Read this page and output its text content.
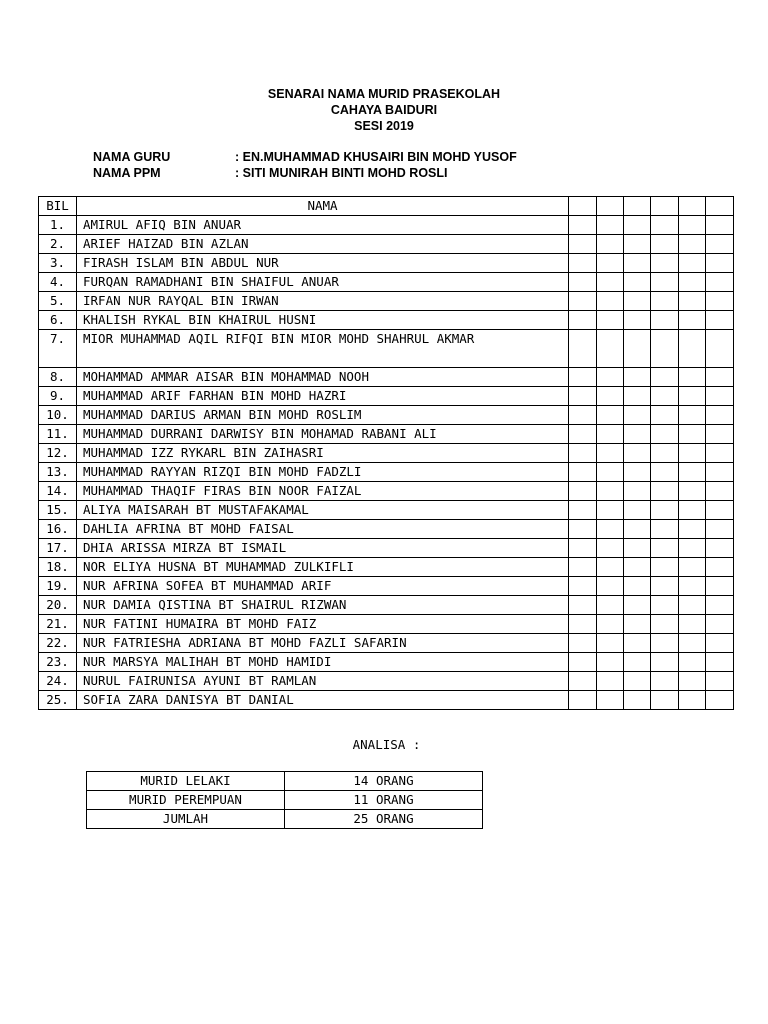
SENARAI NAMA MURID PRASEKOLAH
CAHAYA BAIDURI
SESI 2019
NAMA GURU	: EN.MUHAMMAD KHUSAIRI BIN MOHD YUSOF
NAMA PPM	: SITI MUNIRAH BINTI MOHD ROSLI
BIL	NAMA						
1.	AMIRUL AFIQ BIN ANUAR						
2.	ARIEF HAIZAD BIN AZLAN						
3.	FIRASH ISLAM BIN ABDUL NUR						
4.	FURQAN RAMADHANI BIN SHAIFUL ANUAR						
5.	IRFAN NUR RAYQAL BIN IRWAN						
6.	KHALISH RYKAL BIN KHAIRUL HUSNI						
7.	MIOR MUHAMMAD AQIL RIFQI BIN MIOR MOHD SHAHRUL AKMAR						
8.	MOHAMMAD AMMAR AISAR BIN MOHAMMAD NOOH						
9.	MUHAMMAD ARIF FARHAN BIN MOHD HAZRI						
10.	MUHAMMAD DARIUS ARMAN BIN MOHD ROSLIM						
11.	MUHAMMAD DURRANI DARWISY BIN MOHAMAD RABANI ALI						
12.	MUHAMMAD IZZ RYKARL BIN ZAIHASRI						
13.	MUHAMMAD RAYYAN RIZQI BIN MOHD FADZLI						
14.	MUHAMMAD THAQIF FIRAS BIN NOOR FAIZAL						
15.	ALIYA MAISARAH BT MUSTAFAKAMAL						
16.	DAHLIA AFRINA BT MOHD FAISAL						
17.	DHIA ARISSA MIRZA BT ISMAIL						
18.	NOR ELIYA HUSNA BT MUHAMMAD ZULKIFLI						
19.	NUR AFRINA SOFEA BT MUHAMMAD ARIF						
20.	NUR DAMIA QISTINA BT SHAIRUL RIZWAN						
21.	NUR FATINI HUMAIRA BT MOHD FAIZ						
22.	NUR FATRIESHA ADRIANA BT MOHD FAZLI SAFARIN						
23.	NUR MARSYA MALIHAH BT MOHD HAMIDI						
24.	NURUL FAIRUNISA AYUNI BT RAMLAN						
25.	SOFIA ZARA DANISYA BT DANIAL						
ANALISA :
MURID LELAKI	14 ORANG
MURID PEREMPUAN	11 ORANG
JUMLAH	25 ORANG
